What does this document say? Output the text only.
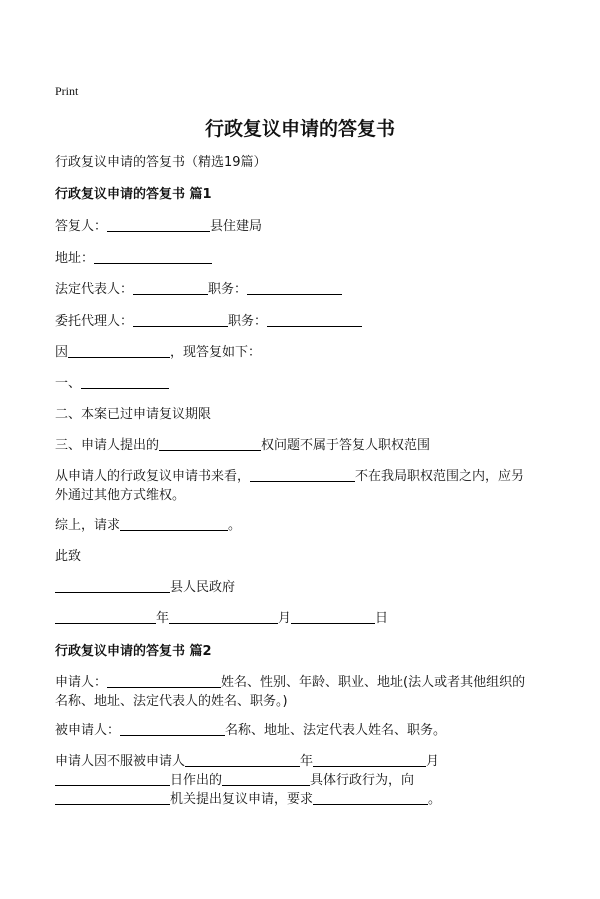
Print
行政复议申请的答复书
行政复议申请的答复书（精选19篇）
行政复议申请的答复书 篇1
答复人：	县住建局
地址：
法定代表人：	职务：
委托代理人：	职务：
因	，现答复如下：
一、
二、本案已过申请复议期限
三、申请人提出的	权问题不属于答复人职权范围
从申请人的行政复议申请书来看，	不在我局职权范围之内，应另
外通过其他方式维权。
综上，请求	。
此致
县人民政府
年	月	日
行政复议申请的答复书 篇2
申请人：	姓名、性别、年龄、职业、地址(法人或者其他组织的
名称、地址、法定代表人的姓名、职务。)
被申请人：	名称、地址、法定代表人姓名、职务。
申请人因不服被申请人	年	月
日作出的	具体行政行为，向
机关提出复议申请，要求	。
